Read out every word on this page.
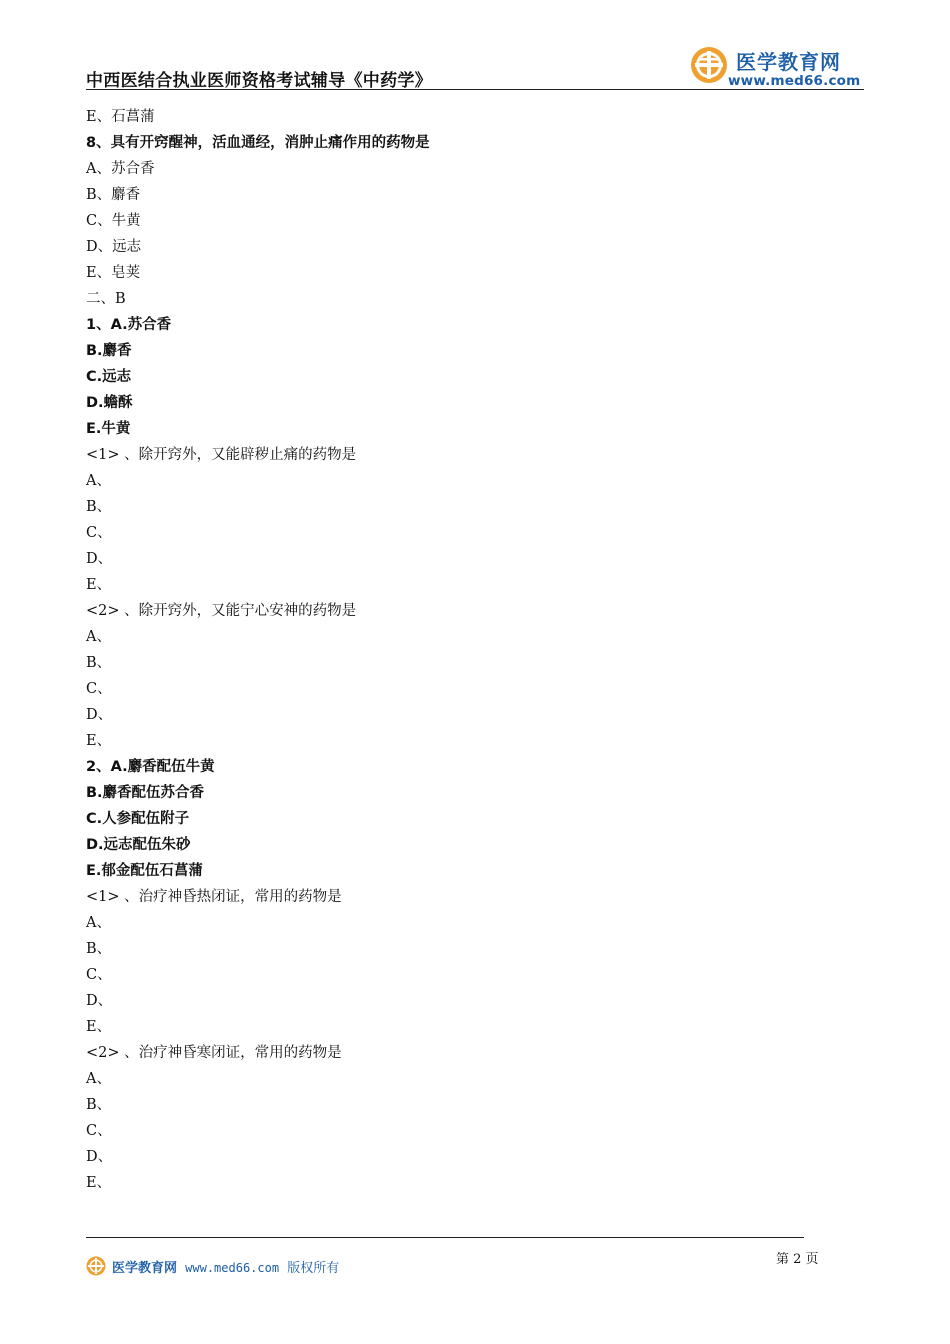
中西医结合执业医师资格考试辅导《中药学》
医学教育网
www.med66.com
E、石菖蒲
8、具有开窍醒神，活血通经，消肿止痛作用的药物是
A、苏合香
B、麝香
C、牛黄
D、远志
E、皂荚
二、B
1、A.苏合香
B.麝香
C.远志
D.蟾酥
E.牛黄
<1> 、除开窍外，又能辟秽止痛的药物是
A、
B、
C、
D、
E、
<2> 、除开窍外，又能宁心安神的药物是
A、
B、
C、
D、
E、
2、A.麝香配伍牛黄
B.麝香配伍苏合香
C.人参配伍附子
D.远志配伍朱砂
E.郁金配伍石菖蒲
<1> 、治疗神昏热闭证，常用的药物是
A、
B、
C、
D、
E、
<2> 、治疗神昏寒闭证，常用的药物是
A、
B、
C、
D、
E、
医学教育网 www.med66.com 版权所有
第 2 页
